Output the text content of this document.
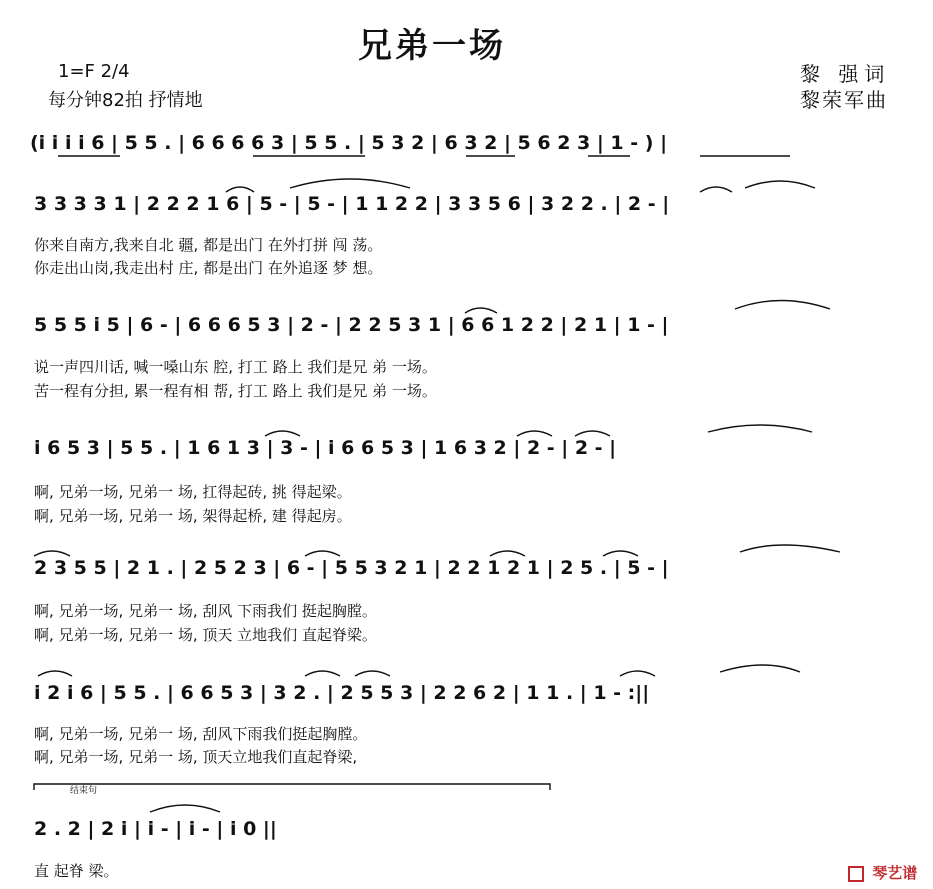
兄弟一场
1=F 2/4
每分钟82拍 抒情地
黎 强词
黎荣军曲
(i i i i 6 | 5 5 . | 6 6 6 6 3 | 5 5 . | 5 3 2 | 6 3 2 | 5 6 2 3 | 1 - ) |
3 3 3 3 1 | 2 2 2 1 6 | 5 - | 5 - | 1 1 2 2 | 3 3 5 6 | 3 2 2 . | 2 - |
你来自南方,我来自北 疆, 都是出门 在外打拼 闯 荡。
你走出山岗,我走出村 庄, 都是出门 在外追逐 梦 想。
5 5 5 i 5 | 6 - | 6 6 6 5 3 | 2 - | 2 2 5 3 1 | 6 6 1 2 2 | 2 1 | 1 - |
说一声四川话, 喊一嗓山东 腔, 打工 路上 我们是兄 弟 一场。
苦一程有分担, 累一程有相 帮, 打工 路上 我们是兄 弟 一场。
i 6 5 3 | 5 5 . | 1 6 1 3 | 3 - | i 6 6 5 3 | 1 6 3 2 | 2 - | 2 - |
啊, 兄弟一场, 兄弟一 场, 扛得起砖, 挑 得起梁。
啊, 兄弟一场, 兄弟一 场, 架得起桥, 建 得起房。
2 3 5 5 | 2 1 . | 2 5 2 3 | 6 - | 5 5 3 2 1 | 2 2 1 2 1 | 2 5 . | 5 - |
啊, 兄弟一场, 兄弟一 场, 刮风 下雨我们 挺起胸膛。
啊, 兄弟一场, 兄弟一 场, 顶天 立地我们 直起脊梁。
i 2 i 6 | 5 5 . | 6 6 5 3 | 3 2 . | 2 5 5 3 | 2 2 6 2 | 1 1 . | 1 - :||
啊, 兄弟一场, 兄弟一 场, 刮风下雨我们挺起胸膛。
啊, 兄弟一场, 兄弟一 场, 顶天立地我们直起脊梁,
结束句
2 . 2 | 2 i | i - | i - | i 0 ||
直 起脊 梁。	琴艺谱
